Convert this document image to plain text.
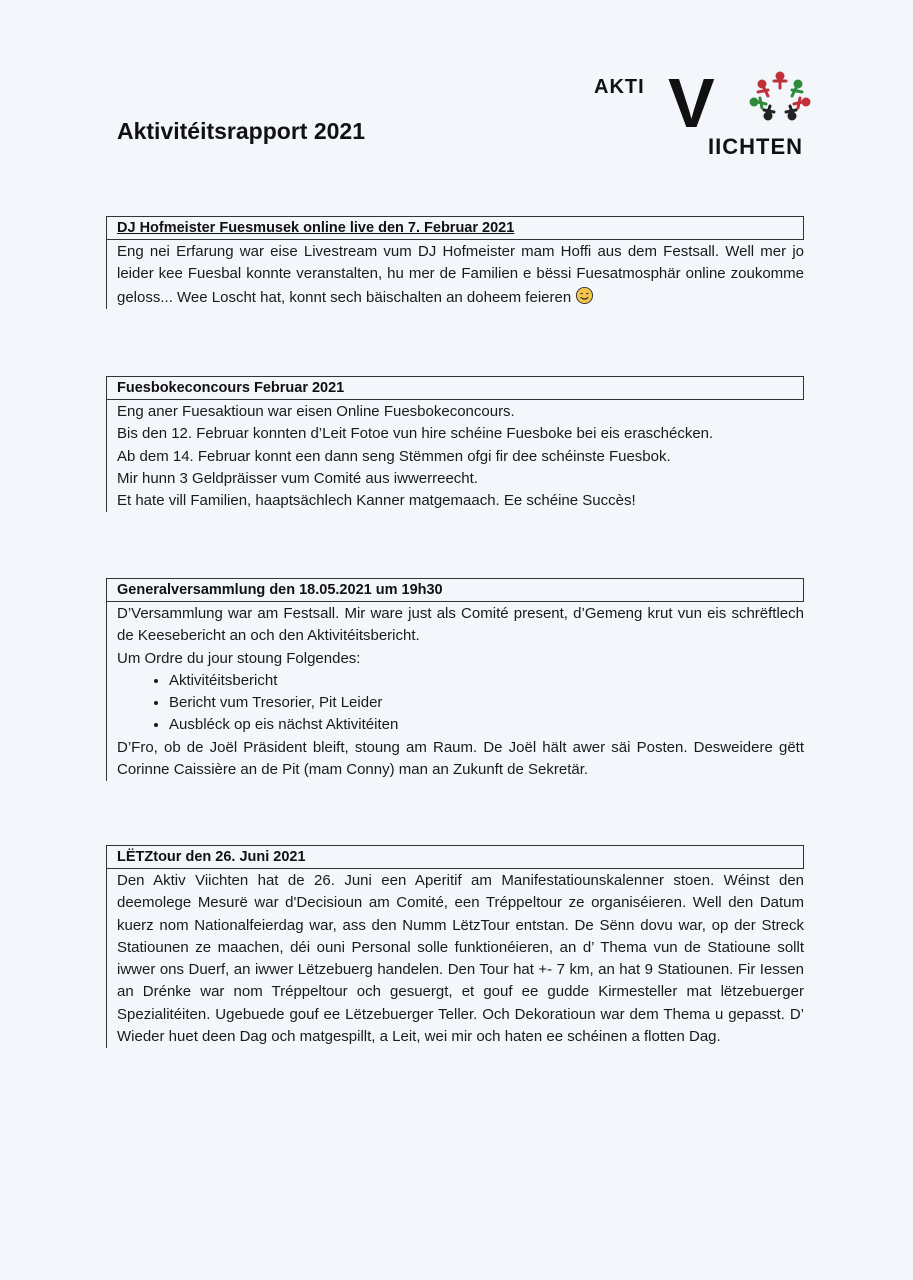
Aktivitéitsrapport 2021
AKTI V
IICHTEN
DJ Hofmeister Fuesmusek online live den 7. Februar 2021
Eng nei Erfarung war eise Livestream vum DJ Hofmeister mam Hoffi aus dem Festsall. Well mer jo leider kee Fuesbal konnte veranstalten, hu mer de Familien e bëssi Fuesatmosphär online zoukomme geloss... Wee Loscht hat, konnt sech bäischalten an doheem feieren
Fuesbokeconcours Februar 2021

Eng aner Fuesaktioun war eisen Online Fuesbokeconcours.

Bis den 12. Februar konnten d’Leit Fotoe vun hire schéine Fuesboke bei eis eraschécken.

Ab dem 14. Februar konnt een dann seng Stëmmen ofgi fir dee schéinste Fuesbok.

Mir hunn 3 Geldpräisser vum Comité aus iwwerreecht.

Et hate vill Familien, haaptsächlech Kanner matgemaach. Ee schéine Succès!

Generalversammlung den 18.05.2021 um 19h30

D’Versammlung war am Festsall. Mir ware just als Comité present, d’Gemeng krut vun eis schrëftlech de Keesebericht an och den Aktivitéitsbericht.

Um Ordre du jour stoung Folgendes:

• Aktivitéitsbericht
• Bericht vum Tresorier, Pit Leider
• Ausbléck op eis nächst Aktivitéiten

D’Fro, ob de Joël Präsident bleift, stoung am Raum. De Joël hält awer säi Posten. Desweidere gëtt Corinne Caissière an de Pit (mam Conny) man an Zukunft de Sekretär.

LËTZtour den 26. Juni 2021

Den Aktiv Viichten hat de 26. Juni een Aperitif am Manifestatiounskalenner stoen. Wéinst den deemolege Mesurë war d'Decisioun am Comité, een Tréppeltour ze organiséieren. Well den Datum kuerz nom Nationalfeierdag war, ass den Numm LëtzTour entstan. De Sënn dovu war, op der Streck Statiounen ze maachen, déi ouni Personal solle funktionéieren, an d’ Thema vun de Statioune sollt iwwer ons Duerf, an iwwer Lëtzebuerg handelen. Den Tour hat +- 7 km, an hat 9 Statiounen. Fir Iessen an Drénke war nom Tréppeltour och gesuergt, et gouf ee gudde Kirmesteller mat lëtzebuerger Spezialitéiten. Ugebuede gouf ee Lëtzebuerger Teller. Och Dekoratioun war dem Thema u gepasst. D’ Wieder huet deen Dag och matgespillt, a Leit, wei mir och haten ee schéinen a flotten Dag.
